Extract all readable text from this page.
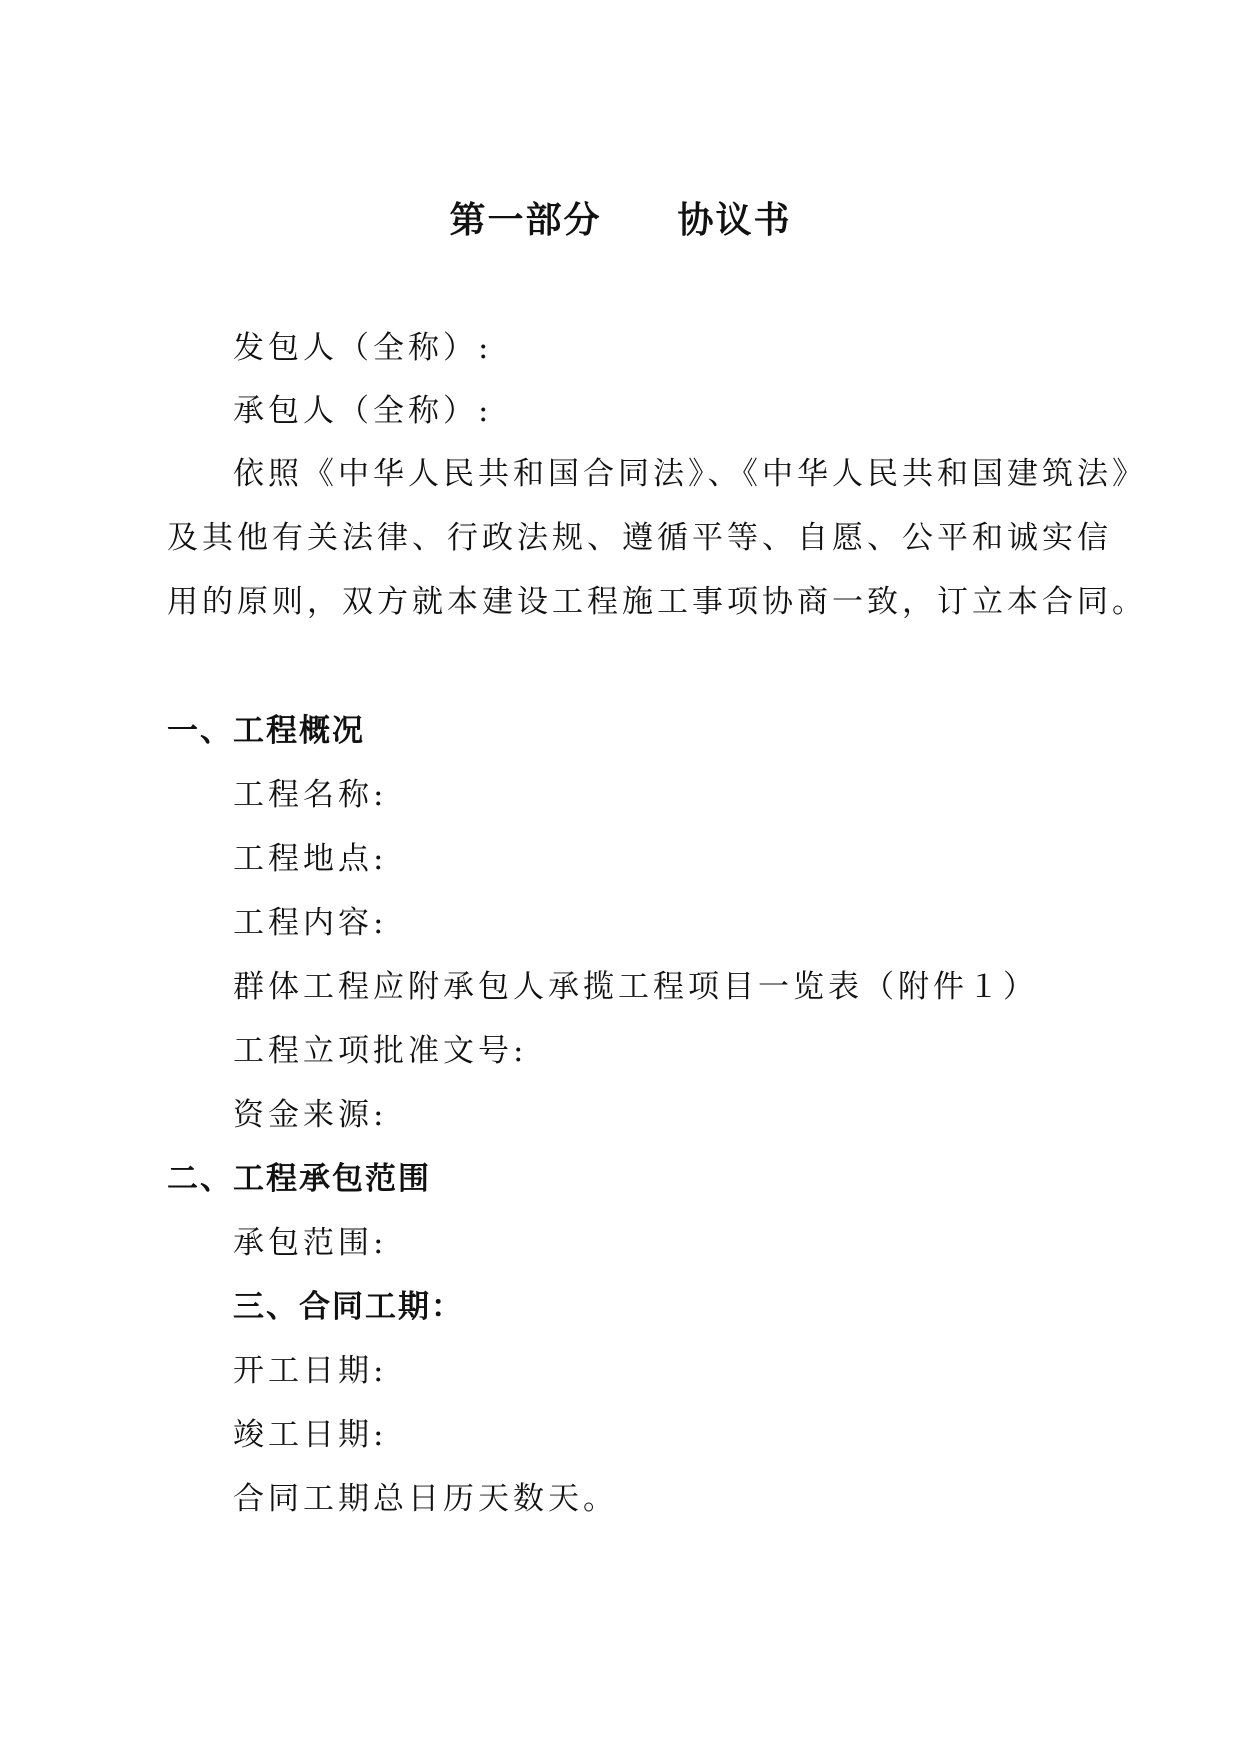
第一部分　　协议书
发包人（全称）:
承包人（全称）:
依照《中华人民共和国合同法》、《中华人民共和国建筑法》
及其他有关法律、行政法规、遵循平等、自愿、公平和诚实信
用的原则，双方就本建设工程施工事项协商一致，订立本合同。
一、工程概况
工程名称:
工程地点:
工程内容:
群体工程应附承包人承揽工程项目一览表（附件１）
工程立项批准文号:
资金来源:
二、工程承包范围
承包范围:
三、合同工期：
开工日期:
竣工日期:
合同工期总日历天数天。
